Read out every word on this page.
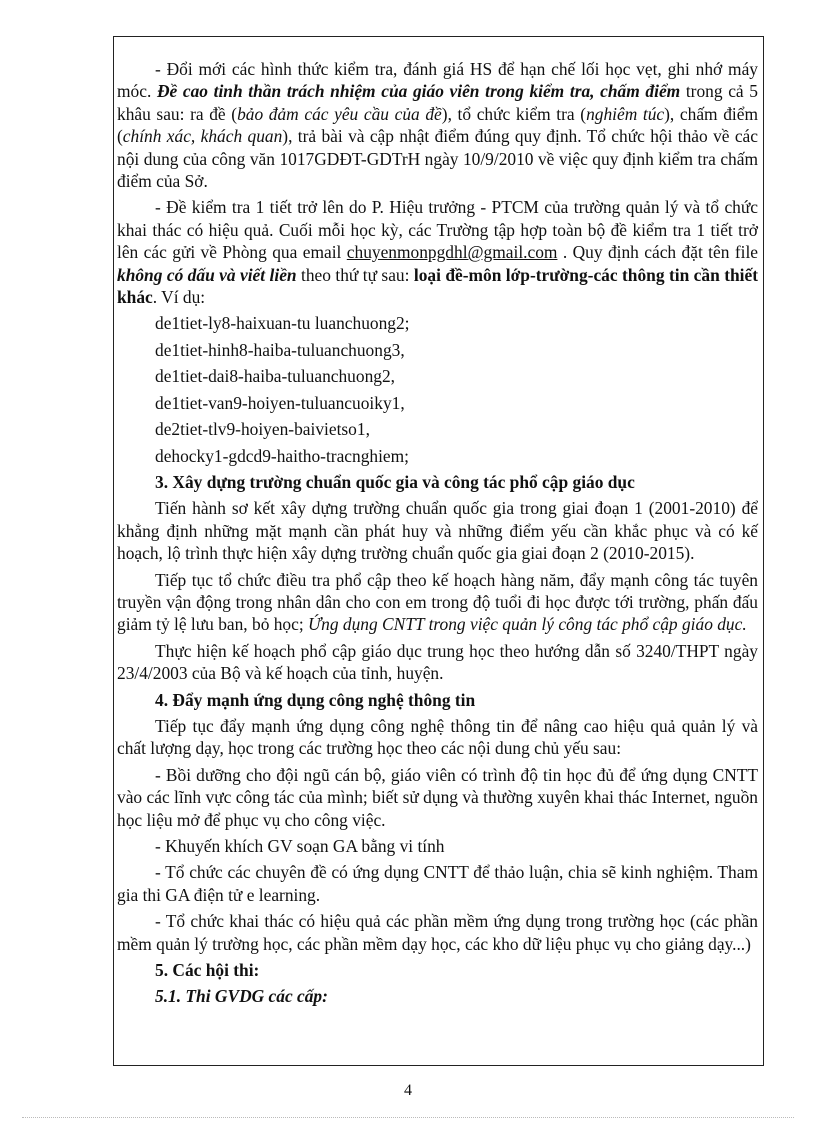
- Đổi mới các hình thức kiểm tra, đánh giá HS để hạn chế lối học vẹt, ghi nhớ máy móc. Đề cao tinh thần trách nhiệm của giáo viên trong kiểm tra, chấm điểm trong cả 5 khâu sau: ra đề (bảo đảm các yêu cầu của đề), tổ chức kiểm tra (nghiêm túc), chấm điểm (chính xác, khách quan), trả bài và cập nhật điểm đúng quy định. Tổ chức hội thảo về các nội dung của công văn 1017GDĐT-GDTrH ngày 10/9/2010 về việc quy định kiểm tra chấm điểm của Sở.

- Đề kiểm tra 1 tiết trở lên do P. Hiệu trưởng - PTCM của trường quản lý và tổ chức khai thác có hiệu quả. Cuối mỗi học kỳ, các Trường tập hợp toàn bộ đề kiểm tra 1 tiết trở lên các gửi về Phòng qua email chuyenmonpgdhl@gmail.com . Quy định cách đặt tên file không có dấu và viết liền theo thứ tự sau: loại đề-môn lớp-trường-các thông tin cần thiết khác. Ví dụ:

de1tiet-ly8-haixuan-tu luanchuong2;
de1tiet-hinh8-haiba-tuluanchuong3,
de1tiet-dai8-haiba-tuluanchuong2,
de1tiet-van9-hoiyen-tuluancuoiky1,
de2tiet-tlv9-hoiyen-baivietso1,
dehocky1-gdcd9-haitho-tracnghiem;

3. Xây dựng trường chuẩn quốc gia và công tác phổ cập giáo dục

Tiến hành sơ kết xây dựng trường chuẩn quốc gia trong giai đoạn 1 (2001-2010) để khẳng định những mặt mạnh cần phát huy và những điểm yếu cần khắc phục và có kế hoạch, lộ trình thực hiện xây dựng trường chuẩn quốc gia giai đoạn 2 (2010-2015).

Tiếp tục tổ chức điều tra phổ cập theo kế hoạch hàng năm, đẩy mạnh công tác tuyên truyền vận động trong nhân dân cho con em trong độ tuổi đi học được tới trường, phấn đấu giảm tỷ lệ lưu ban, bỏ học; Ứng dụng CNTT trong việc quản lý công tác phổ cập giáo dục.

Thực hiện kế hoạch phổ cập giáo dục trung học theo hướng dẫn số 3240/THPT ngày 23/4/2003 của Bộ và kế hoạch của tỉnh, huyện.

4. Đẩy mạnh ứng dụng công nghệ thông tin

Tiếp tục đẩy mạnh ứng dụng công nghệ thông tin để nâng cao hiệu quả quản lý và chất lượng dạy, học trong các trường học theo các nội dung chủ yếu sau:

- Bồi dưỡng cho đội ngũ cán bộ, giáo viên có trình độ tin học đủ để ứng dụng CNTT vào các lĩnh vực công tác của mình; biết sử dụng và thường xuyên khai thác Internet, nguồn học liệu mở để phục vụ cho công việc.

- Khuyến khích GV soạn GA bằng vi tính

- Tổ chức các chuyên đề có ứng dụng CNTT để thảo luận, chia sẽ kinh nghiệm. Tham gia thi GA điện tử e learning.

- Tổ chức khai thác có hiệu quả các phần mềm ứng dụng trong trường học (các phần mềm quản lý trường học, các phần mềm dạy học, các kho dữ liệu phục vụ cho giảng dạy...)

5. Các hội thi:

5.1. Thi GVDG các cấp:

4
